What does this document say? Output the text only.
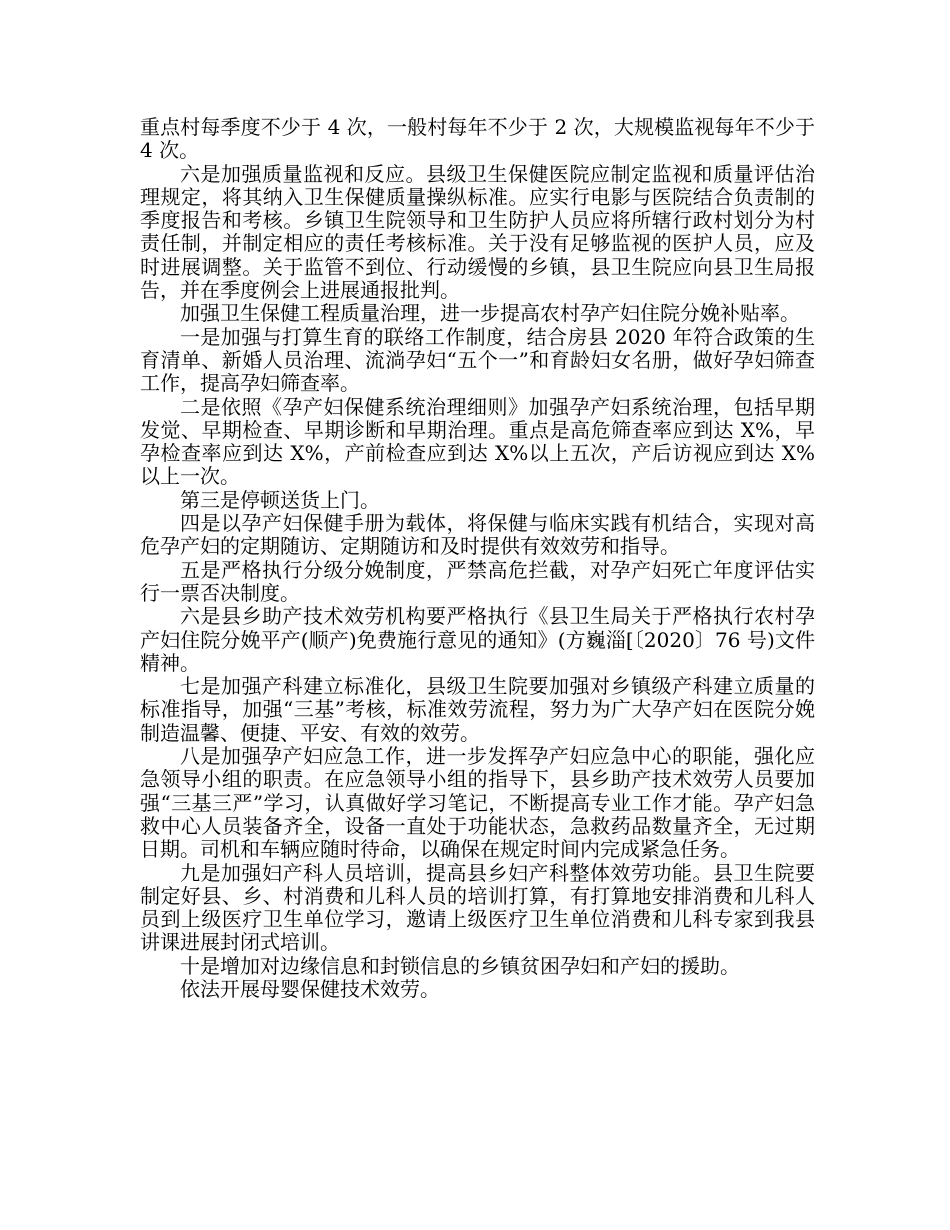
重点村每季度不少于 4 次，一般村每年不少于 2 次，大规模监视每年不少于 4 次。

六是加强质量监视和反应。县级卫生保健医院应制定监视和质量评估治理规定，将其纳入卫生保健质量操纵标准。应实行电影与医院结合负责制的季度报告和考核。乡镇卫生院领导和卫生防护人员应将所辖行政村划分为村责任制，并制定相应的责任考核标准。关于没有足够监视的医护人员，应及时进展调整。关于监管不到位、行动缓慢的乡镇，县卫生院应向县卫生局报告，并在季度例会上进展通报批判。

加强卫生保健工程质量治理，进一步提高农村孕产妇住院分娩补贴率。

一是加强与打算生育的联络工作制度，结合房县 2020 年符合政策的生育清单、新婚人员治理、流淌孕妇“五个一”和育龄妇女名册，做好孕妇筛查工作，提高孕妇筛查率。

二是依照《孕产妇保健系统治理细则》加强孕产妇系统治理，包括早期发觉、早期检查、早期诊断和早期治理。重点是高危筛查率应到达 X%，早孕检查率应到达 X%，产前检查应到达 X%以上五次，产后访视应到达 X%以上一次。

第三是停顿送货上门。

四是以孕产妇保健手册为载体，将保健与临床实践有机结合，实现对高危孕产妇的定期随访、定期随访和及时提供有效效劳和指导。

五是严格执行分级分娩制度，严禁高危拦截，对孕产妇死亡年度评估实行一票否决制度。

六是县乡助产技术效劳机构要严格执行《县卫生局关于严格执行农村孕产妇住院分娩平产(顺产)免费施行意见的通知》(方巍淄[〔2020〕76 号)文件精神。

七是加强产科建立标准化，县级卫生院要加强对乡镇级产科建立质量的标准指导，加强“三基”考核，标准效劳流程，努力为广大孕产妇在医院分娩制造温馨、便捷、平安、有效的效劳。

八是加强孕产妇应急工作，进一步发挥孕产妇应急中心的职能，强化应急领导小组的职责。在应急领导小组的指导下，县乡助产技术效劳人员要加强“三基三严”学习，认真做好学习笔记，不断提高专业工作才能。孕产妇急救中心人员装备齐全，设备一直处于功能状态，急救药品数量齐全，无过期日期。司机和车辆应随时待命，以确保在规定时间内完成紧急任务。

九是加强妇产科人员培训，提高县乡妇产科整体效劳功能。县卫生院要制定好县、乡、村消费和儿科人员的培训打算，有打算地安排消费和儿科人员到上级医疗卫生单位学习，邀请上级医疗卫生单位消费和儿科专家到我县讲课进展封闭式培训。

十是增加对边缘信息和封锁信息的乡镇贫困孕妇和产妇的援助。

依法开展母婴保健技术效劳。
